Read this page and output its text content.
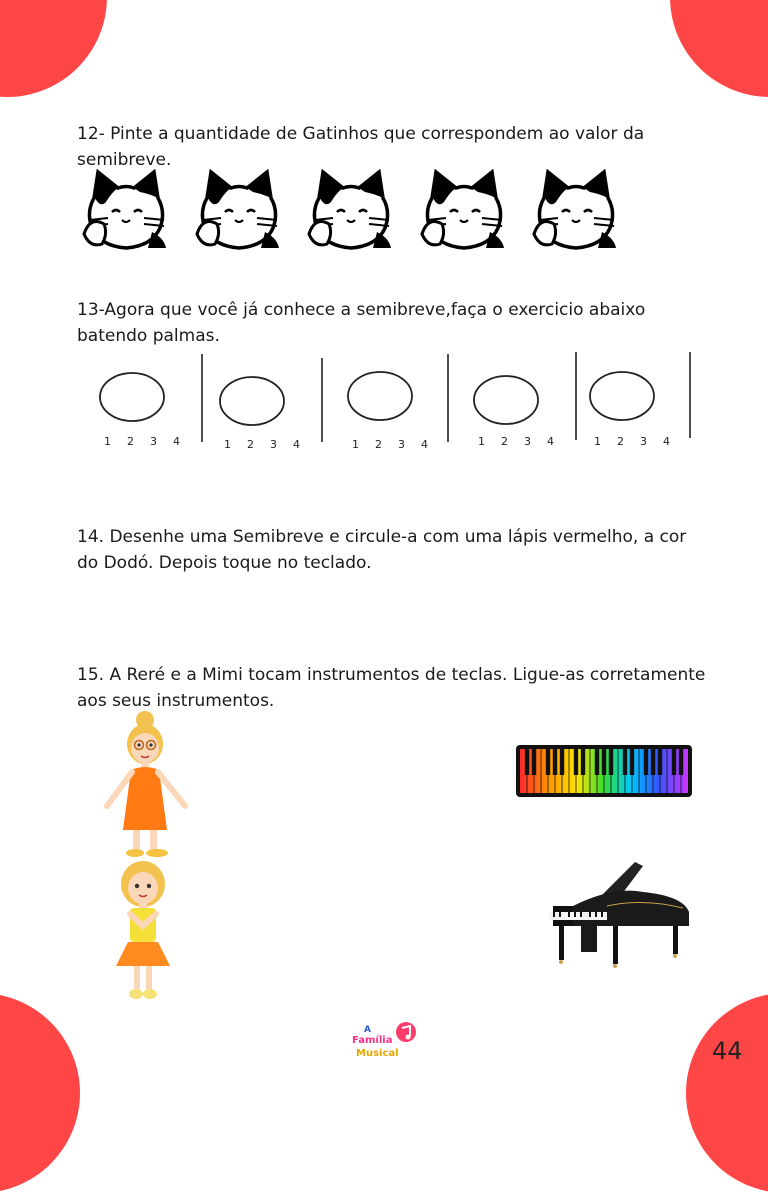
12- Pinte a quantidade de Gatinhos que correspondem ao valor da
semibreve.

13-Agora que você já conhece a semibreve,faça o exercicio abaixo
batendo palmas.

1 2 3 4	1 2 3 4	1 2 3 4	1 2 3 4	1 2 3 4

14. Desenhe uma Semibreve e circule-a com uma lápis vermelho, a cor
do Dodó. Depois toque no teclado.

15. A Reré e a Mimi tocam instrumentos de teclas. Ligue-as corretamente
aos seus instrumentos.

A
Família
Musical	44
